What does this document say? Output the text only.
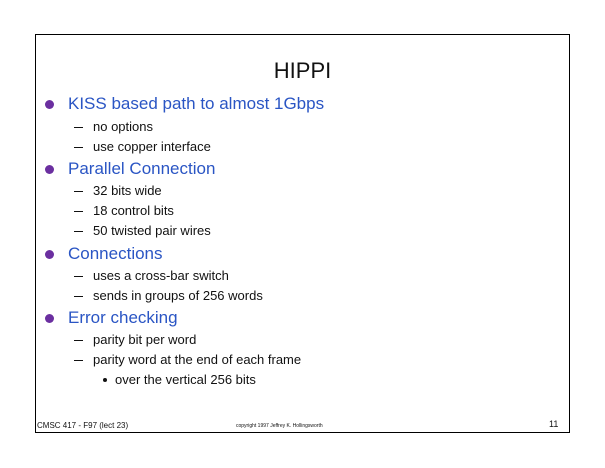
HIPPI
KISS based path to almost 1Gbps
no options
use copper interface
Parallel Connection
32 bits wide
18 control bits
50 twisted pair wires
Connections
uses a cross-bar switch
sends in groups of 256 words
Error checking
parity bit per word
parity word at the end of each frame
over the vertical 256 bits
CMSC 417 - F97 (lect 23)	copyright 1997 Jeffrey K. Hollingsworth	11
